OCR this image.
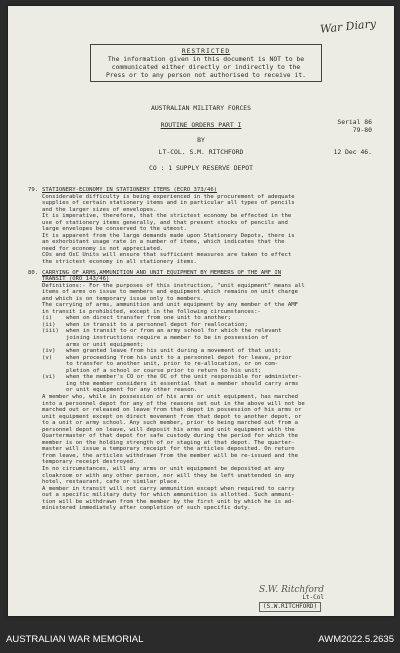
War Diary
RESTRICTED
The information given in this document is NOT to be
communicated either directly or indirectly to the
Press or to any person not authorised to receive it.
AUSTRALIAN MILITARY FORCES
ROUTINE ORDERS PART I
BY
LT-COL. S.M. RITCHFORD
CO : 1 SUPPLY RESERVE DEPOT
Serial 86
79-80
12 Dec 46.
79. STATIONERY-ECONOMY IN STATIONERY ITEMS (ECRO 373/46)
Considerable difficulty is being experienced in the procurement of adequate
supplies of certain stationery items and in particular all types of pencils
and the larger sizes of envelopes.
It is imperative, therefore, that the strictest economy be effected in the
use of stationery items generally, and that present stocks of pencils and
large envelopes be conserved to the utmost.
It is apparent from the large demands made upon Stationery Depots, there is
an exhorbitant usage rate in a number of items, which indicates that the
need for economy is not appreciated.
COs and OsC Units will ensure that sufficient measures are taken to effect
the strictest economy in all stationery items.
80. CARRYING OF ARMS,AMMUNITION AND UNIT EQUIPMENT BY MEMBERS OF THE AMF IN
TRANSIT (ORO 143/46)
Definitions:- For the purposes of this instruction, "unit equipment" means all
items of arms on issue to members and equipment which remains on unit charge
and which is on temporary issue only to members.
The carrying of arms, ammunition and unit equipment by any member of the AMF
in transit is prohibited, except in the following circumstances:-
(i)	when on direct transfer from one unit to another;
(ii)	when in transit to a personnel depot for reallocation;
(iii)	when in transit to or from an army school for which the relevant
joining instructions require a member to be in possession of
arms or unit equipment;
(iv)	when granted leave from his unit during a movement of that unit;
(v)	when proceeding from his unit to a personnel depot for leave, prior
to transfer to another unit, prior to re-allocation, or on com-
pletion of a school or course prior to return to his unit;
(vi)	when the member's CO or the OC of the unit responsible for administer-
ing the member considers it essential that a member should carry arms
or unit equipment for any other reason.
A member who, while in possession of his arms or unit equipment, has marched
into a personnel depot for any of the reasons set out in the above will not be
marched out or released on leave from that depot in possession of his arms or
unit equipment except on direct movement from that depot to another depot, or
to a unit or army school. Any such member, prior to being marched out from a
personnel depot on leave, will deposit his arms and unit equipment with the
Quartermaster of that depot for safe custody during the period for which the
member is on the holding strength of or staging at that depot. The quarter-
master will issue a temporary receipt for the articles deposited. On return
from leave, the articles withdrawn from the member will be re-issued and the
temporary receipt destroyed.
In no circumstances, will any arms or unit equipment be deposited at any
cloakroom or with any other person, nor will they be left unattended in any
hotel, restaurant, cafe or similar place.
A member in transit will not carry ammunition except when required to carry
out a specific military duty for which ammunition is allotted. Such ammuni-
tion will be withdrawn from the member by the first unit by which he is ad-
ministered immediately after completion of such specific duty.
S.W. Ritchford
Lt-Col
(S.W.RITCHFORD)
AUSTRALIAN WAR MEMORIAL	AWM2022.5.2635
